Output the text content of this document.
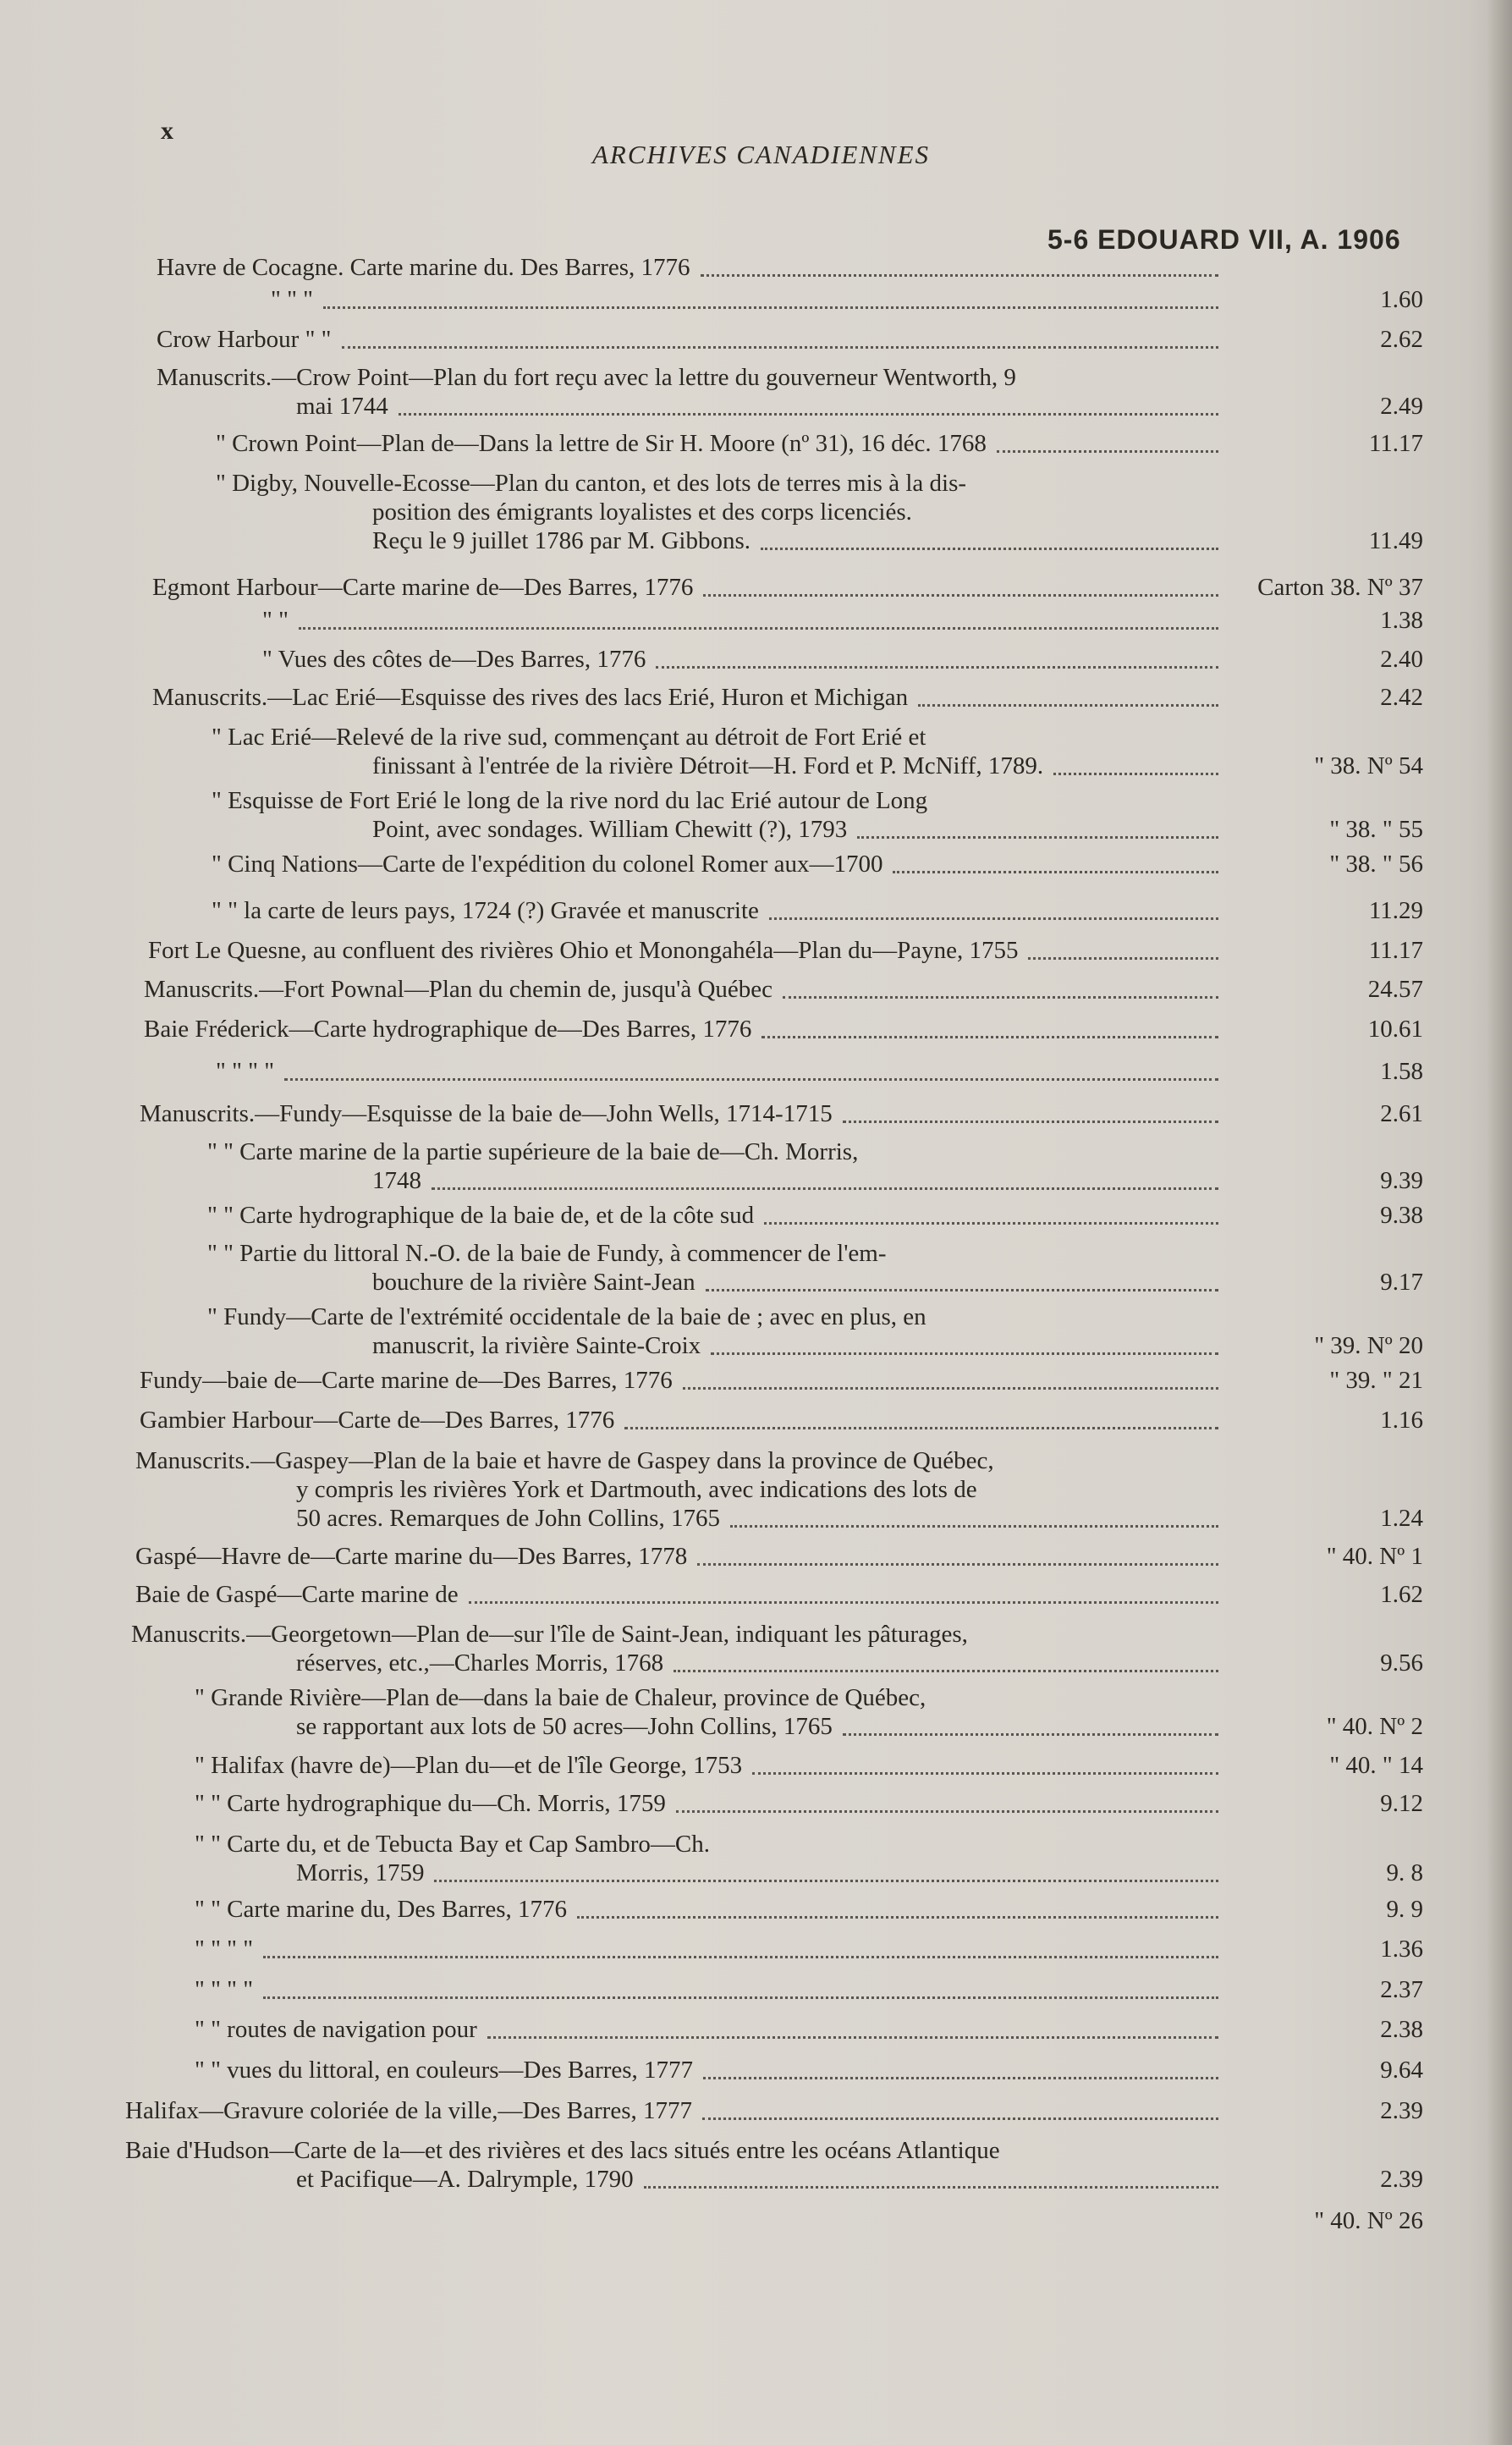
x
ARCHIVES CANADIENNES
5-6 EDOUARD VII, A. 1906
Havre de Cocagne. Carte marine du. Des Barres, 1776
" " "	1.60
Crow Harbour " "	2.62
Manuscrits.—Crow Point—Plan du fort reçu avec la lettre du gouverneur Wentworth, 9
mai 1744	2.49
" Crown Point—Plan de—Dans la lettre de Sir H. Moore (nº 31), 16 déc. 1768	11.17
" Digby, Nouvelle-Ecosse—Plan du canton, et des lots de terres mis à la dis-
position des émigrants loyalistes et des corps licenciés.
Reçu le 9 juillet 1786 par M. Gibbons.	11.49
Egmont Harbour—Carte marine de—Des Barres, 1776	Carton 38. Nº 37
" "	1.38
" Vues des côtes de—Des Barres, 1776	2.40
Manuscrits.—Lac Erié—Esquisse des rives des lacs Erié, Huron et Michigan	2.42
" Lac Erié—Relevé de la rive sud, commençant au détroit de Fort Erié et
finissant à l'entrée de la rivière Détroit—H. Ford et P. McNiff, 1789.	" 38. Nº 54
" Esquisse de Fort Erié le long de la rive nord du lac Erié autour de Long
Point, avec sondages. William Chewitt (?), 1793	" 38. " 55
" Cinq Nations—Carte de l'expédition du colonel Romer aux—1700	" 38. " 56
" " la carte de leurs pays, 1724 (?) Gravée et manuscrite	11.29
Fort Le Quesne, au confluent des rivières Ohio et Monongahéla—Plan du—Payne, 1755	11.17
Manuscrits.—Fort Pownal—Plan du chemin de, jusqu'à Québec	24.57
Baie Fréderick—Carte hydrographique de—Des Barres, 1776	10.61
" " " "	1.58
Manuscrits.—Fundy—Esquisse de la baie de—John Wells, 1714-1715	2.61
" " Carte marine de la partie supérieure de la baie de—Ch. Morris,
1748	9.39
" " Carte hydrographique de la baie de, et de la côte sud	9.38
" " Partie du littoral N.-O. de la baie de Fundy, à commencer de l'em-
bouchure de la rivière Saint-Jean	9.17
" Fundy—Carte de l'extrémité occidentale de la baie de ; avec en plus, en
manuscrit, la rivière Sainte-Croix	" 39. Nº 20
Fundy—baie de—Carte marine de—Des Barres, 1776	" 39. " 21
Gambier Harbour—Carte de—Des Barres, 1776	1.16
Manuscrits.—Gaspey—Plan de la baie et havre de Gaspey dans la province de Québec,
y compris les rivières York et Dartmouth, avec indications des lots de
50 acres. Remarques de John Collins, 1765	1.24
Gaspé—Havre de—Carte marine du—Des Barres, 1778	" 40. Nº 1
Baie de Gaspé—Carte marine de	1.62
Manuscrits.—Georgetown—Plan de—sur l'île de Saint-Jean, indiquant les pâturages,
réserves, etc.,—Charles Morris, 1768	9.56
" Grande Rivière—Plan de—dans la baie de Chaleur, province de Québec,
se rapportant aux lots de 50 acres—John Collins, 1765	" 40. Nº 2
" Halifax (havre de)—Plan du—et de l'île George, 1753	" 40. " 14
" " Carte hydrographique du—Ch. Morris, 1759	9.12
" " Carte du, et de Tebucta Bay et Cap Sambro—Ch.
Morris, 1759	9. 8
" " Carte marine du, Des Barres, 1776	9. 9
" " " "	1.36
" " " "	2.37
" " routes de navigation pour	2.38
" " vues du littoral, en couleurs—Des Barres, 1777	9.64
Halifax—Gravure coloriée de la ville,—Des Barres, 1777	2.39
Baie d'Hudson—Carte de la—et des rivières et des lacs situés entre les océans Atlantique
et Pacifique—A. Dalrymple, 1790	2.39
" 40. Nº 26
